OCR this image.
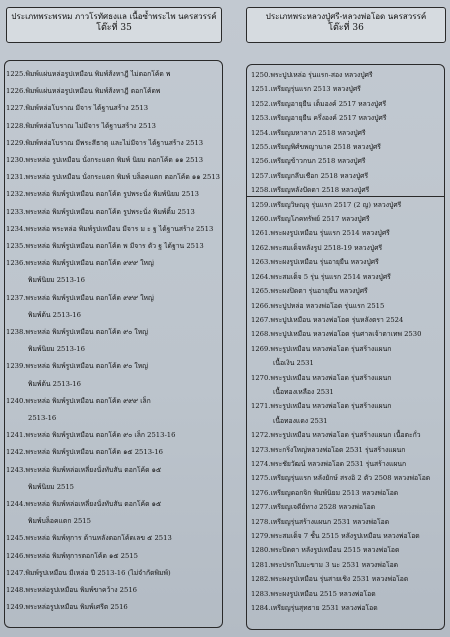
ประเภทพระพรหม ภาวโรทัศธงแล เนื้อซ้ำพระไพ นครสวรรค์
โต๊ะที่ 35
ประเภทพระหลวงปู่ศรี-หลวงพ่อโอด นครสวรรค์
โต๊ะที่ 36
1225. พิมพ์แผ่นหล่อรูปเหมือน พิมพ์ส้งหาฎี ไม่ตอกโค้ด พ
1226. พิมพ์แผ่นหล่อรูปเหมือน พิมพ์ส้งหาฎี ตอกโค้ดพ
1227. พิมพ์หล่อโบราณ มีจาร ได้ฐานสร้าง 2513
1228. พิมพ์หล่อโบราณ ไม่มีจาร ได้ฐานสร้าง 2513
1229. พิมพ์หล่อโบราณ มีพระสีธาตุ และไม่มีจาร ได้ฐานสร้าง 2513
1230. พระหล่อ รูปเหมือน นั่งกระแตก พิมพ์ นิยม ตอกโค้ด ๑๑ 2513
1231. พระหล่อ รูปเหมือน นั่งกระแตก พิมพ์ บล็อคแตก ตอกโค้ด ๑๑ 2513
1232. พระหล่อ พิมพ์รูปเหมือน ตอกโค้ด รูปพระนั่ง พิมพ์นิยม 2513
1233. พระหล่อ พิมพ์รูปเหมือน ตอกโค้ด รูปพระนั่ง พิมพ์ติ้ม 2513
1234. พระหล่อ พระหล่อ พิมพ์รูปเหมือน มีจาร ม ะ ฐ ได้ฐานสร้าง 2513
1235. พระหล่อ พิมพ์รูปเหมือน ตอกโค้ด พ มีจาร ตัว ฐ ได้ฐาน 2513
1236. พระหล่อ พิมพ์รูปเหมือน ตอกโค้ด ๙๙๙ ใหญ่
พิมพ์นิยม 2513-16
1237. พระหล่อ พิมพ์รูปเหมือน ตอกโค้ด ๙๙๙ ใหญ่
พิมพ์ต้น 2513-16
1238. พระหล่อ พิมพ์รูปเหมือน ตอกโค้ด ๙๐ ใหญ่
พิมพ์นิยม 2513-16
1239. พระหล่อ พิมพ์รูปเหมือน ตอกโค้ด ๙๐ ใหญ่
พิมพ์ต้น 2513-16
1240. พระหล่อ พิมพ์รูปเหมือน ตอกโค้ด ๙๙๙ เล็ก
2513-16
1241. พระหล่อ พิมพ์รูปเหมือน ตอกโค้ด ๙๐ เล็ก 2513-16
1242. พระหล่อ พิมพ์รูปเหมือน ตอกโค้ด ๑๕ 2513-16
1243. พระหล่อ พิมพ์หล่อเหลี่ยงนั่งทับสัน ตอกโค้ด ๑๕
พิมพ์นิยม 2515
1244. พระหล่อ พิมพ์หล่อเหลี่ยงนั่งทับสัน ตอกโค้ด ๑๕
พิมพ์บล็อคแตก 2515
1245. พระหล่อ พิมพ์ทุการ ด้านหลังตอกโค้ดเลข ๕ 2513
1246. พระหล่อ พิมพ์ทุการตอกโค้ด ๑๕ 2515
1247. พิมพ์รูปเหมือน มีเหล่อ ปี 2513-16 (ไม่จำกัดพิมพ์)
1248. พระหล่อรูปเหมือน พิมพ์ขาคว้าง 2516
1249. พระหล่อรูปเหมือน พิมพ์เศรีต 2516
1250. พระปูปเหล่อ รุ่นแรก-สอง หลวงปู่ศรี
1251. เหรียญรุ่นแรก 2513 หลวงปู่ศรี
1252. เหรียญอายุยืน เต็มองค์ 2517 หลวงปู่ศรี
1253. เหรียญอายุยืน ครึ่งองค์ 2517 หลวงปู่ศรี
1254. เหรียญมหาลาภ 2518 หลวงปู่ศรี
1255. เหรียญพิศ์ขพญานาค 2518 หลวงปู่ศรี
1256. เหรียญข้าวกนก 2518 หลวงปู่ศรี
1257. เหรียญกลีบเชือก 2518 หลวงปู่ศรี
1258. เหรียญหลังปัดดา 2518 หลวงปู่ศรี
1259. เหรียญวิษณุจุ รุ่นแรก 2517 (2 ญ) หลวงปู่ศรี
1260. เหรียญโภคทรัพย์ 2517 หลวงปู่ศรี
1261. พระผงรูปเหมือน รุ่นแรก 2514 หลวงปู่ศรี
1262. พระสมเด็จหลังรูป 2518-19 หลวงปู่ศรี
1263. พระผงรูปเหมือน รุ่นอายุยืน หลวงปู่ศรี
1264. พระสมเด็จ 5 รุ่น รุ่นแรก 2514 หลวงปู่ศรี
1265. พระผงปิดตา รุ่นอายุยืน หลวงปู่ศรี
1266. พระปูปหล่อ หลวงพ่อโอด รุ่นแรก 2515
1267. พระปูปเหมือน หลวงพ่อโอด รุ่นหลังตรา 2524
1268. พระปูปเหมือน หลวงพ่อโอด รุ่นศาลเจ้าตาเทพ 2530
1269. พระรูปเหมือน หลวงพ่อโอด รุ่นสร้างแผนก
เนื้อเงิน 2531
1270. พระรูปเหมือน หลวงพ่อโอด รุ่นสร้างแผนก
เนื้อทองเหลือง 2531
1271. พระรูปเหมือน หลวงพ่อโอด รุ่นสร้างแผนก
เนื้อทองแดง 2531
1272. พระรูปเหมือน หลวงพ่อโอด รุ่นสร้างแผนก เนื้อตะกั่ว
1273. พระกริ่งใหญ่หลวงพ่อโอด 2531 รุ่นสร้างแผนก
1274. พระชัยวัฒน์ หลวงพ่อโอด 2531 รุ่นสร้างแผนก
1275. เหรียญรุ่นแรก หลังยักษ์ สรงอิ 2 ตัว 2508 หลวงพ่อโอด
1276. เหรียญดอกจิก พิมพ์นิยม 2513 หลวงพ่อโอด
1277. เหรียญเจดีย์ทาง 2528 หลวงพ่อโอด
1278. เหรียญรุ่นสร้างแผนก 2531 หลวงพ่อโอด
1279. พระสมเด็จ 7 ชั้น 2515 หลังรูปเหมือน หลวงพ่อโอด
1280. พระปิดตา หลังรูปเหมือน 2515 หลวงพ่อโอด
1281. พระปรกใบมะขาม 3 นะ 2531 หลวงพ่อโอด
1282. พระผงรูปเหมือน รุ่นสายเชิง 2531 หลวงพ่อโอด
1283. พระผงรูปเหมือน 2515 หลวงพ่อโอด
1284. เหรียญรุ่นสุทธาย 2531 หลวงพ่อโอด
